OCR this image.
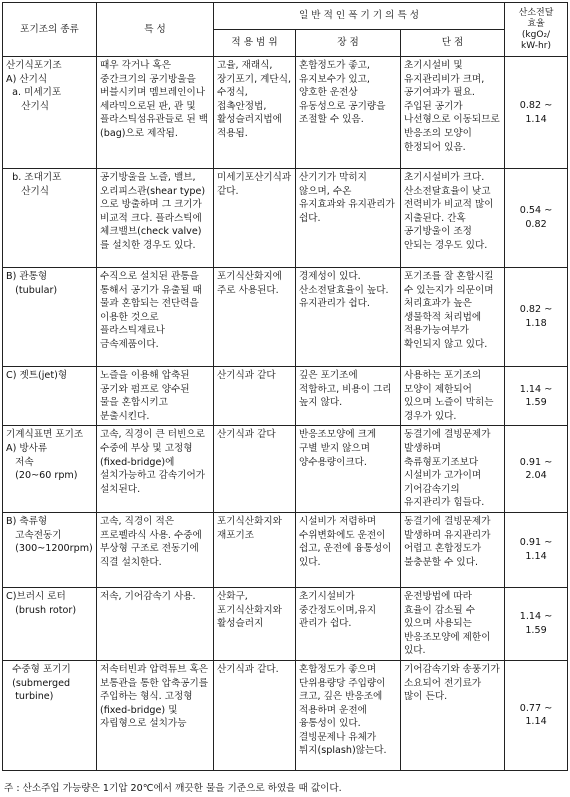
포기조의 종류	특 성	일 반 적 인 폭 기 기 의 특 성			산소전달
효율
(kgO₂/
kW-hr)
		적 용 범 위	장 점	단 점	
산기식포기조
A) 산기식
a. 미세기포
산기식	때우 각거나 혹은 중간크기의 공기방울을 버블시키며 멤브레인이나 세라믹으로된 판, 관 및 플라스틱섬유관들로 된 백(bag)으로 제작됨.	고율, 재래식, 장기포기, 계단식, 수정식, 접촉안정법, 활성슬러지법에 적용됨.	혼합정도가 좋고, 유지보수가 있고, 양호한 운전상 유동성으로 공기량을 조절할 수 있음.	초기시설비 및 유지관리비가 크며, 공기여과가 필요. 주입된 공기가 나선형으로 이동되므로 반응조의 모양이 한정되어 있음.	0.82 ~
1.14
b. 조대기포
산기식	공기방울을 노즐, 밸브, 오리피스관(shear type)으로 방출하며 그 크기가 비교적 크다. 플라스틱에 체크밸브(check valve)를 설치한 경우도 있다.	미세기포산기식과 같다.	산기기가 막히지 않으며, 수온 유지효과와 유지관리가 쉽다.	초기시설비가 크다. 산소전달효율이 낮고 전력비가 비교적 많이 지출된다. 간혹 공기방울이 조정 안되는 경우도 있다.	0.54 ~
0.82
B) 관통형
(tubular)	수직으로 설치된 관통을 통해서 공기가 유출될 때 물과 혼합되는 전단력을 이용한 것으로 플라스틱재료나 금속제품이다.	포기식산화지에 주로 사용된다.	경제성이 있다.
산소전달효율이 높다.
유지관리가 쉽다.	포기조를 잘 혼합시킬 수 있는지가 의문이며 처리효과가 높은 생물학적 처리법에 적용가능여부가 확인되지 않고 있다.	0.82 ~
1.18
C) 젯트(jet)형	노즐을 이용해 압축된 공기와 펌프로 양수된 물을 혼합시키고 분출시킨다.	산기식과 같다	깊은 포기조에 적합하고, 비용이 그리 높지 않다.	사용하는 포기조의 모양이 제한되어 있으며 노즐이 막히는 경우가 있다.	1.14 ~
1.59
기계식표면 포기조
A) 방사류
저속
(20~60 rpm)	고속, 직경이 큰 터빈으로 수중에 부상 및 고정형(fixed-bridge)에 설치가능하고 감속기어가 설치된다.	산기식과 같다	반응조모양에 크게 구별 받지 않으며 양수용량이크다.	동결기에 결빙문제가 발생하며 축류형포기조보다 시설비가 고가이며 기어감속기의 유지관리가 힘들다.	0.91 ~
2.04
B) 축류형
고속전동기
(300~1200rpm)	고속, 직경이 적은 프로펠라식 사용. 수중에 부상형 구조로 전동기에 직결 설치한다.	포기식산화지와 재포기조	시설비가 저렴하며 수위변화에도 운전이 쉽고, 운전에 융통성이 있다.	동결기에 결빙문제가 발생하며 유지관리가 어렵고 혼합정도가 불충분할 수 있다.	0.91 ~
1.14
C)브러시 로터
(brush rotor)	저속, 기어감속기 사용.	산화구, 포기식산화지와 활성슬러지	초기시설비가 중간정도이며,유지 관리가 쉽다.	운전방법에 따라 효율이 감소될 수 있으며 사용되는 반응조모양에 제한이 있다.	1.14 ~
1.59
수중형 포기기
(submerged
turbine)	저속터빈과 압력튜브 혹은 보통관을 통한 압축공기를 주입하는 형식. 고정형(fixed-bridge) 및 자립형으로 설치가능	산기식과 같다.	혼합정도가 좋으며 단위용량당 주입량이 크고, 깊은 반응조에 적용하며 운전에 융통성이 있다. 결빙문제나 유체가 튀지(splash)않는다.	기어감속기와 송풍기가 소요되어 전기료가 많이 든다.	0.77 ~
1.14
주 : 산소주입 가능량은 1기압 20℃에서 깨끗한 물을 기준으로 하였을 때 값이다.
